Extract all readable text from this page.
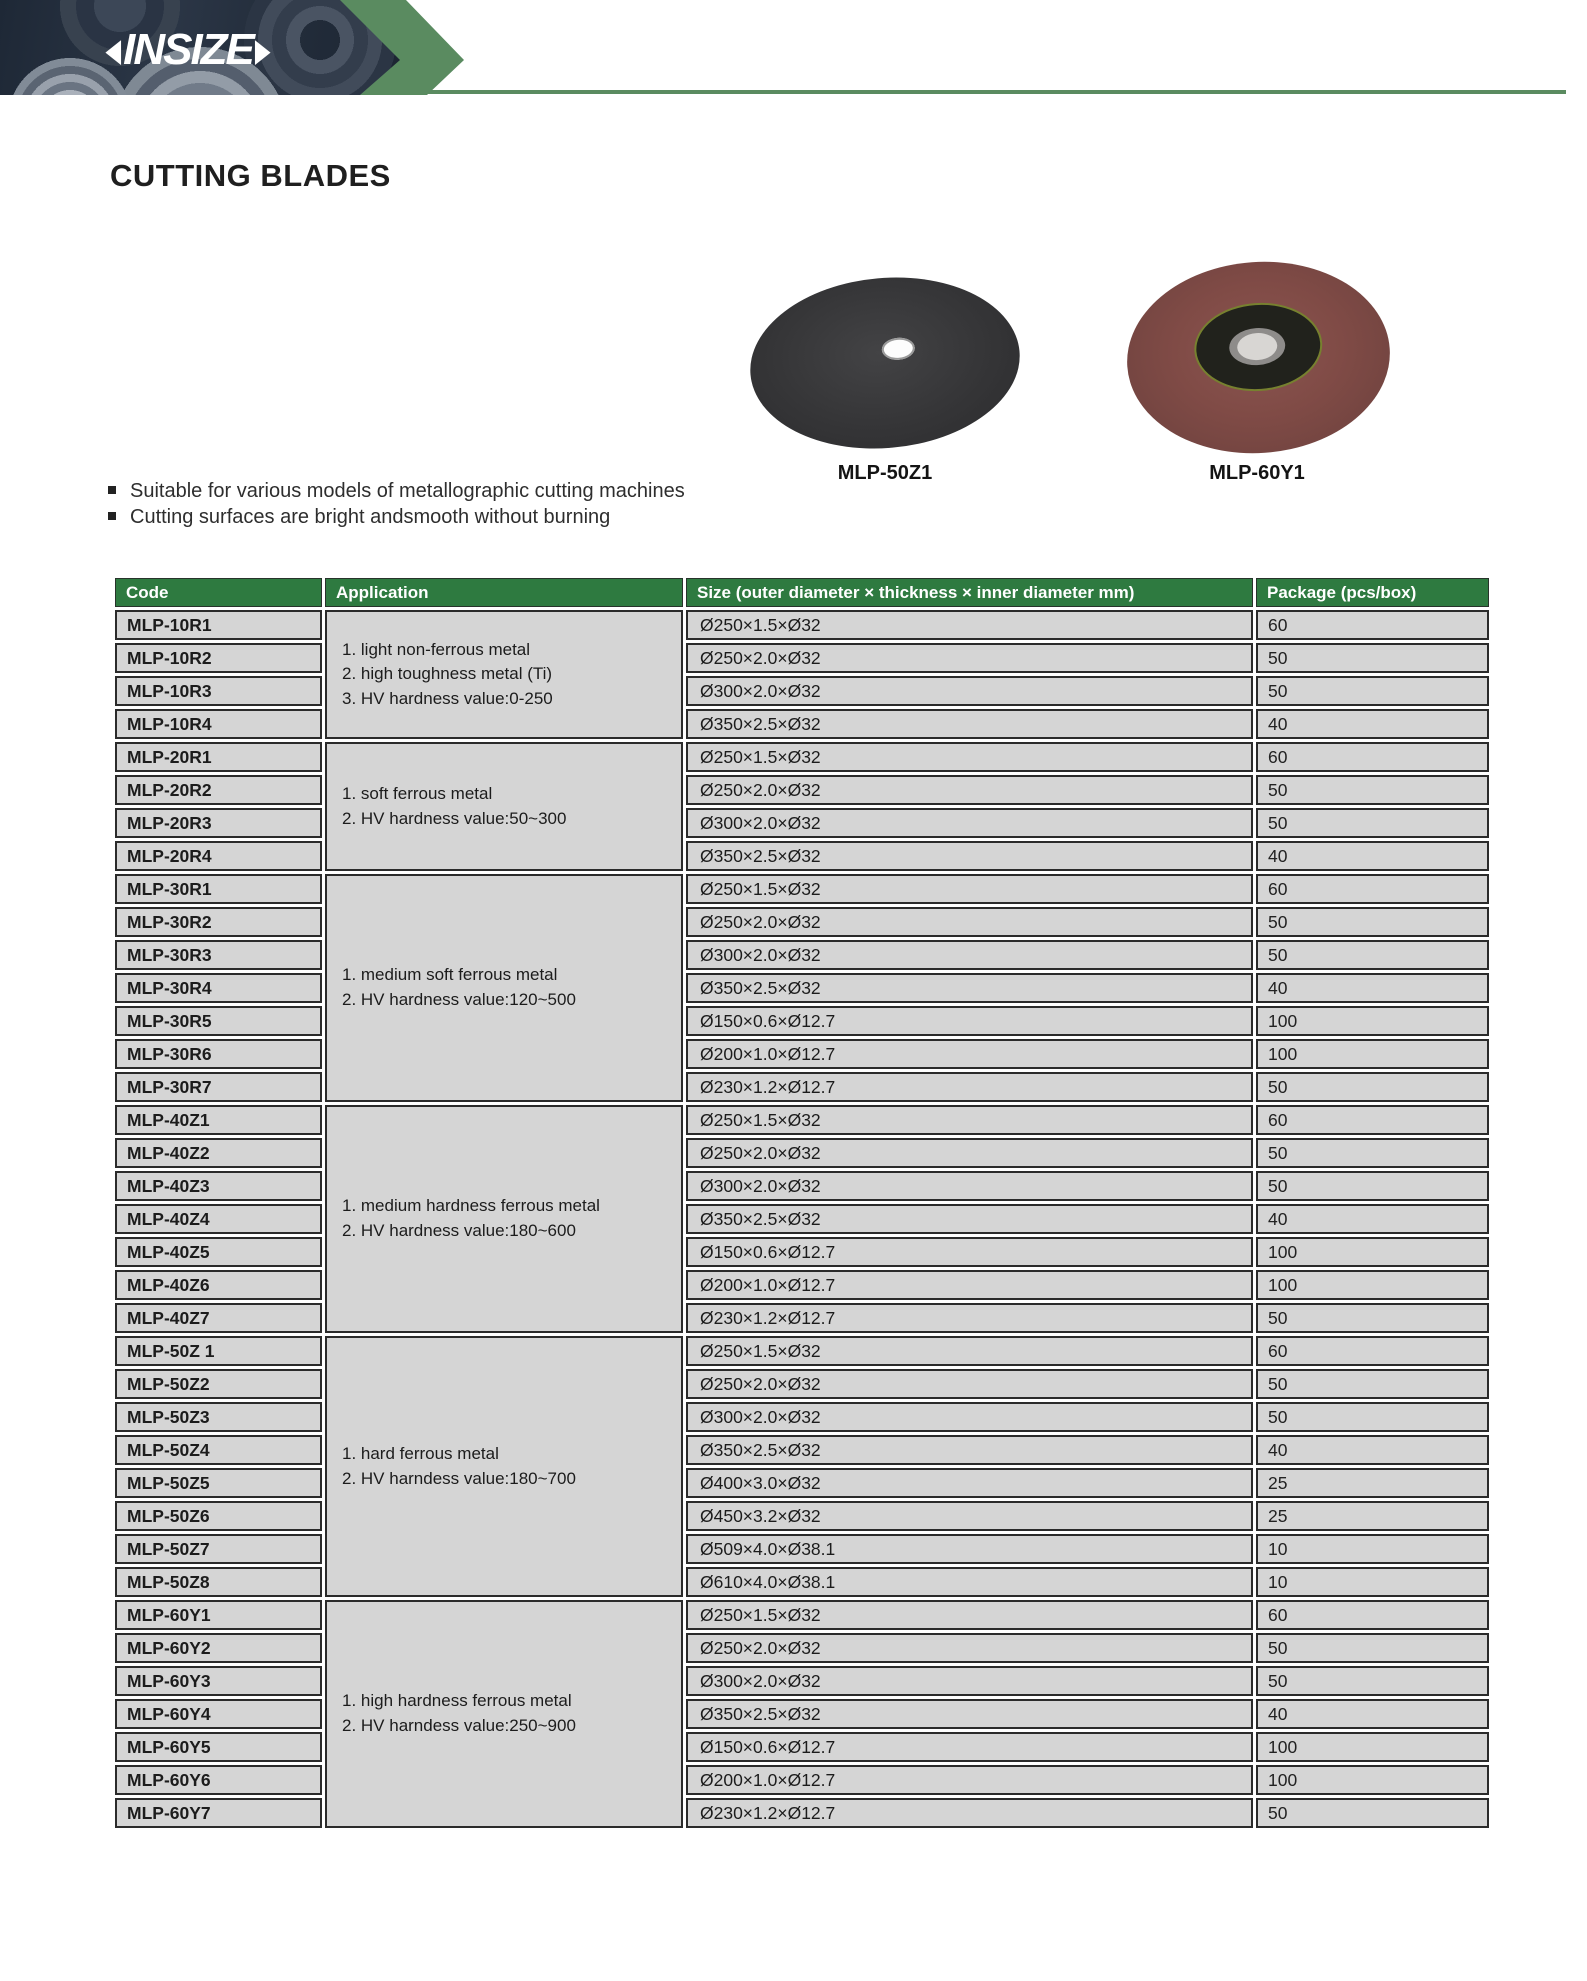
◄
INSIZE
►
CUTTING BLADES
MLP-50Z1	MLP-60Y1
Suitable for various models of metallographic cutting machines
Cutting surfaces are bright andsmooth without burning
Code	Application	Size (outer diameter × thickness × inner diameter mm)	Package (pcs/box)
MLP-10R1	1. light non-ferrous metal
2. high toughness metal (Ti)
3. HV hardness value:0-250	Ø250×1.5×Ø32	60
MLP-10R2		Ø250×2.0×Ø32	50
MLP-10R3		Ø300×2.0×Ø32	50
MLP-10R4		Ø350×2.5×Ø32	40
MLP-20R1	1. soft ferrous metal
2. HV hardness value:50~300	Ø250×1.5×Ø32	60
MLP-20R2		Ø250×2.0×Ø32	50
MLP-20R3		Ø300×2.0×Ø32	50
MLP-20R4		Ø350×2.5×Ø32	40
MLP-30R1	1. medium soft ferrous metal
2. HV hardness value:120~500	Ø250×1.5×Ø32	60
MLP-30R2		Ø250×2.0×Ø32	50
MLP-30R3		Ø300×2.0×Ø32	50
MLP-30R4		Ø350×2.5×Ø32	40
MLP-30R5		Ø150×0.6×Ø12.7	100
MLP-30R6		Ø200×1.0×Ø12.7	100
MLP-30R7		Ø230×1.2×Ø12.7	50
MLP-40Z1	1. medium hardness ferrous metal
2. HV hardness value:180~600	Ø250×1.5×Ø32	60
MLP-40Z2		Ø250×2.0×Ø32	50
MLP-40Z3		Ø300×2.0×Ø32	50
MLP-40Z4		Ø350×2.5×Ø32	40
MLP-40Z5		Ø150×0.6×Ø12.7	100
MLP-40Z6		Ø200×1.0×Ø12.7	100
MLP-40Z7		Ø230×1.2×Ø12.7	50
MLP-50Z 1	1. hard ferrous metal
2. HV harndess value:180~700	Ø250×1.5×Ø32	60
MLP-50Z2		Ø250×2.0×Ø32	50
MLP-50Z3		Ø300×2.0×Ø32	50
MLP-50Z4		Ø350×2.5×Ø32	40
MLP-50Z5		Ø400×3.0×Ø32	25
MLP-50Z6		Ø450×3.2×Ø32	25
MLP-50Z7		Ø509×4.0×Ø38.1	10
MLP-50Z8		Ø610×4.0×Ø38.1	10
MLP-60Y1	1. high hardness ferrous metal
2. HV harndess value:250~900	Ø250×1.5×Ø32	60
MLP-60Y2		Ø250×2.0×Ø32	50
MLP-60Y3		Ø300×2.0×Ø32	50
MLP-60Y4		Ø350×2.5×Ø32	40
MLP-60Y5		Ø150×0.6×Ø12.7	100
MLP-60Y6		Ø200×1.0×Ø12.7	100
MLP-60Y7		Ø230×1.2×Ø12.7	50
